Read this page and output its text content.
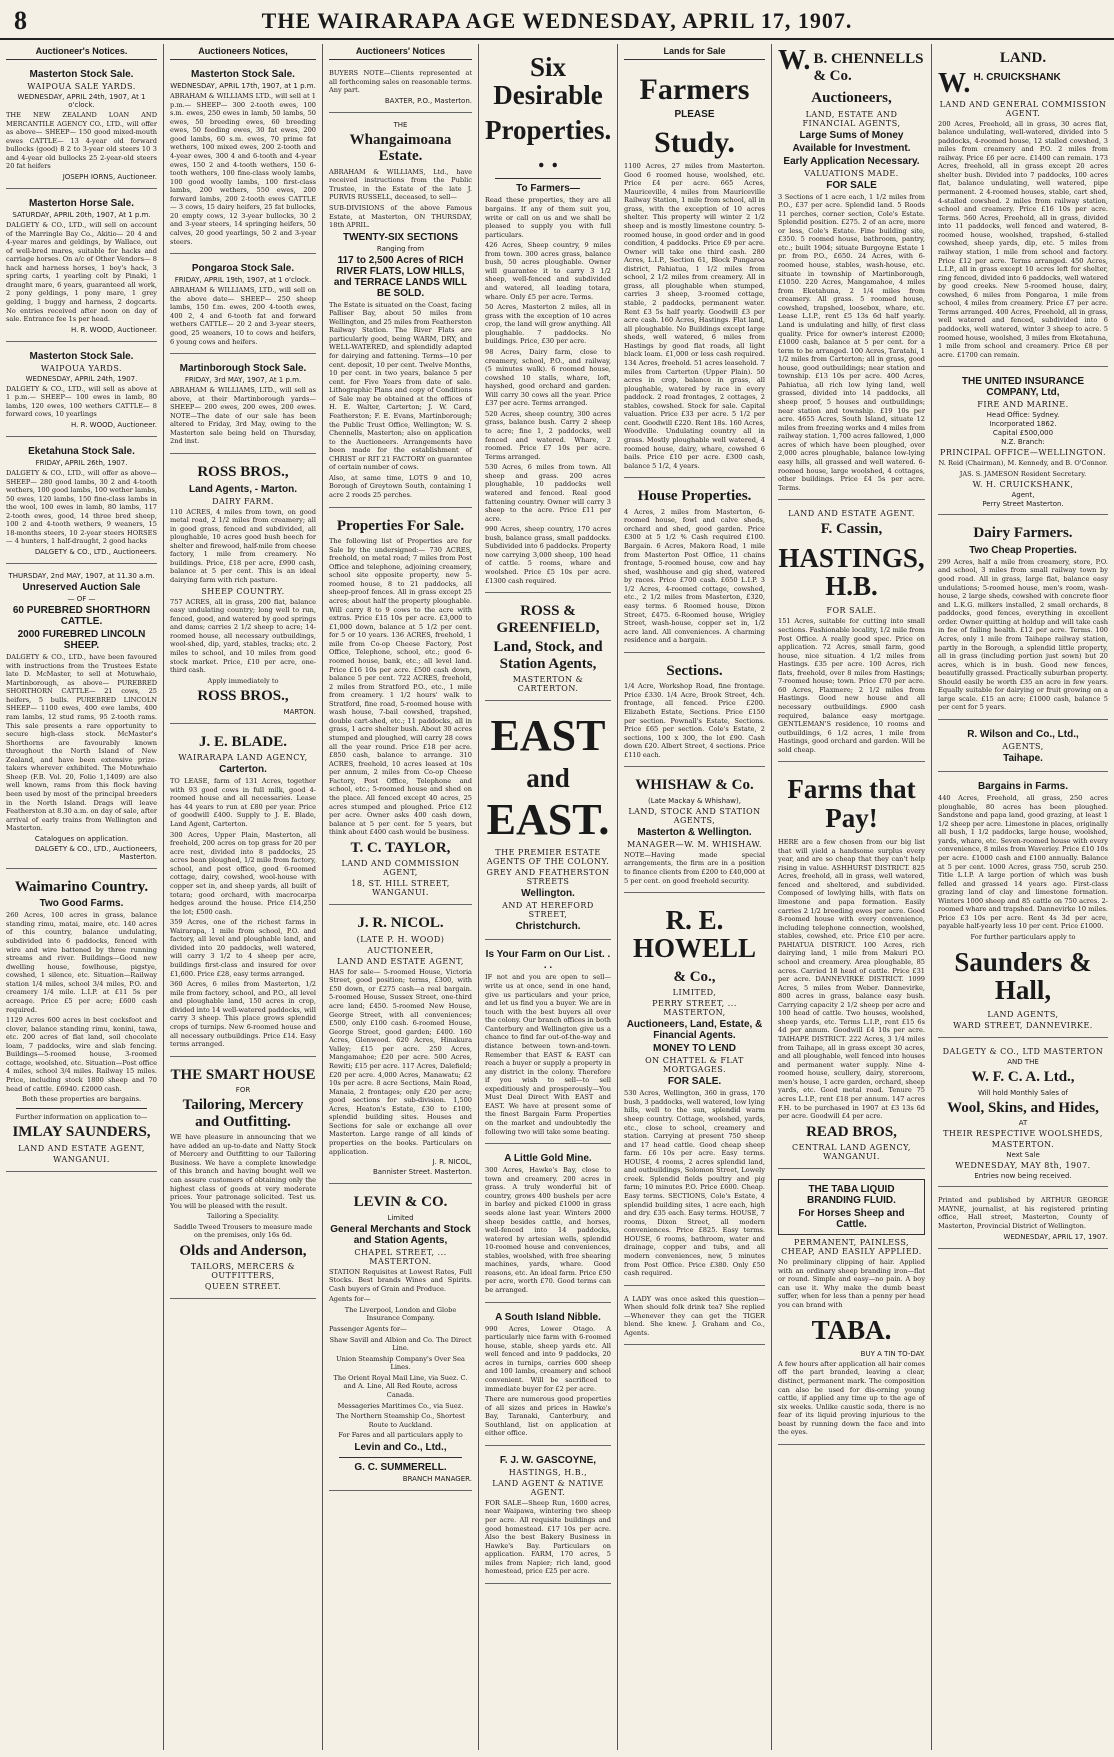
8	THE WAIRARAPA AGE WEDNESDAY, APRIL 17, 1907.
Auctioneer's Notices.
Masterton Stock Sale.
WAIPOUA SALE YARDS.
WEDNESDAY, APRIL 24th, 1907, At 1 o'clock.
THE NEW ZEALAND LOAN AND MERCANTILE AGENCY CO., LTD., will offer as above— SHEEP— 150 good mixed-mouth ewes CATTLE— 13 4-year old forward bullocks (good) 8 2 to 3-year old steers 10 3 and 4-year old bullocks 25 2-year-old steers 20 fat heifers
JOSEPH IORNS, Auctioneer.
Masterton Horse Sale.
SATURDAY, APRIL 20th, 1907, At 1 p.m.
DALGETY & CO., LTD., will sell on account of the Marringle Bay Co., Akitio— 20 4 and 4-year mares and geldings, by Wallace, out of well-bred mares, suitable for hacks and carriage horses. On a/c of Other Vendors— 8 hack and harness horses, 1 boy's hack, 3 spring carts, 1 yearling colt by Pinaki, 1 draught mare, 6 years, guaranteed all work, 2 pony geldings, 1 pony mare, 1 grey gelding, 1 buggy and harness, 2 dogcarts. No entries received after noon on day of sale. Entrance fee 1s per head.
H. R. WOOD, Auctioneer.
Masterton Stock Sale.
WAIPOUA YARDS.
WEDNESDAY, APRIL 24th, 1907.
DALGETY & CO., LTD., will sell as above at 1 p.m.— SHEEP— 100 ewes in lamb, 80 lambs, 120 ewes, 100 wethers CATTLE— 8 forward cows, 10 yearlings
H. R. WOOD, Auctioneer.
Eketahuna Stock Sale.
FRIDAY, APRIL 26th, 1907.
DALGETY & CO., LTD., will offer as above— SHEEP— 280 good lambs, 30 2 and 4-tooth wethers, 100 good lambs, 100 wether lambs, 50 ewes, 120 lambs, 150 fine-class lambs in the wool, 100 ewes in lamb, 80 lambs, 117 2-tooth ewes, good, 14 three bred sheep, 100 2 and 4-tooth wethers, 9 weaners, 15 18-months steers, 10 2-year steers HORSES— 4 hunters, 1 half-draught, 2 good hacks
DALGETY & CO., LTD., Auctioneers.
THURSDAY, 2nd MAY, 1907, at 11.30 a.m.
Unreserved Auction Sale
— OF —
60 PUREBRED SHORTHORN CATTLE.
2000 FUREBRED LINCOLN SHEEP.
DALGETY & CO., LTD., have been favoured with instructions from the Trustees Estate late D. McMaster, to sell at Motuwhaio, Martinborough, as above— PUREBRED SHORTHORN CATTLE— 21 cows, 25 heifers, 5 bulls. PUREBRED LINCOLN SHEEP— 1100 ewes, 400 ewe lambs, 400 ram lambs, 12 stud rams, 95 2-tooth rams. This sale presents a rare opportunity to secure high-class stock. McMaster's Shorthorns are favourably known throughout the North Island of New Zealand, and have been extensive prize-takers wherever exhibited. The Motuwhaio Sheep (F.B. Vol. 20, Folio 1,1409) are also well known, rams from this flock having been used by most of the principal breeders in the North Island. Drags will leave Featherston at 8.30 a.m. on day of sale, after arrival of early trains from Wellington and Masterton.
Catalogues on application.
DALGETY & CO., LTD., Auctioneers, Masterton.
Waimarino Country.
Two Good Farms.
260 Acres, 100 acres in grass, balance standing rimu, matai, maire, etc. 140 acres of this country, balance undulating, subdivided into 6 paddocks, fenced with wire and wire battened by three running streams and river. Buildings—Good new dwelling house, fowlhouse, pigstye, cowshed, 1 silence, etc. Situation—Railway station 1/4 miles, school 3/4 miles, P.O. and creamery 1/4 mile. L.I.P. at £11 5s per acreage. Price £5 per acre; £600 cash required.
1129 Acres 600 acres in best cocksfoot and clover, balance standing rimu, konini, tawa, etc. 200 acres of flat land, soil chocolate loam, 7 paddocks, wire and slab fencing. Buildings—5-roomed house, 3-roomed cottage, woolshed, etc. Situation—Post office 4 miles, school 3/4 miles. Railway 15 miles. Price, including stock 1800 sheep and 70 head of cattle. £6940. £2000 cash.
Both these properties are bargains.
Further information on application to—
IMLAY SAUNDERS,
LAND AND ESTATE AGENT,
WANGANUI.
Auctioneers Notices,
Masterton Stock Sale.
WEDNESDAY, APRIL 17th, 1907, at 1 p.m.
ABRAHAM & WILLIAMS LTD., will sell at 1 p.m.— SHEEP— 300 2-tooth ewes, 100 s.m. ewes, 250 ewes in lamb, 50 lambs, 50 ewes, 50 breeding ewes, 60 breeding ewes, 50 feeding ewes, 30 fat ewes, 200 good lambs, 60 s.m. ewes, 70 prime fat wethers, 100 mixed ewes, 200 2-tooth and 4-year ewes, 300 4 and 6-tooth and 4-year ewes, 150 2 and 4-tooth wethers, 150 6-tooth wethers, 100 fine-class wooly lambs, 100 good woolly lambs, 100 first-class lambs, 200 wethers, 550 ewes, 200 forward lambs, 200 2-tooth ewes CATTLE— 3 cows, 15 dairy heifers, 25 fat bullocks, 20 empty cows, 12 3-year bullocks, 30 2 and 3-year steers, 14 springing heifers, 50 calves, 20 good yearlings, 50 2 and 3-year steers.
Pongaroa Stock Sale.
FRIDAY, APRIL 19th, 1907, at 1 o'clock.
ABRAHAM & WILLIAMS, LTD., will sell on the above date— SHEEP— 250 sheep lambs, 150 f.m. ewes, 200 4-tooth ewes, 400 2, 4 and 6-tooth fat and forward wethers CATTLE— 20 2 and 3-year steers, good, 25 weaners, 10 to cows and heifers, 6 young cows and heifers.
Martinborough Stock Sale.
FRIDAY, 3rd MAY, 1907, At 1 p.m.
ABRAHAM & WILLIAMS, LTD., will sell as above, at their Martinborough yards— SHEEP— 200 ewes, 200 ewes, 200 ewes. NOTE—The date of our sale has been altered to Friday, 3rd May, owing to the Masterton sale being held on Thursday, 2nd inst.
ROSS BROS.,
Land Agents, - Marton.
DAIRY FARM.
110 ACRES, 4 miles from town, on good metal road, 2 1/2 miles from creamery; all in good grass, fenced and subdivided, all ploughable, 10 acres good bush beech for shelter and firewood, half-mile from cheese factory, 1 mile from creamery. No buildings. Price, £18 per acre, £990 cash, balance at 5 per cent. This is an ideal dairying farm with rich pasture.
SHEEP COUNTRY.
757 ACRES, all in grass, 200 flat, balance easy undulating country; long well to run, fenced, good, and watered by good springs and dams; carries 2 1/2 sheep to acre; 14-roomed house, all necessary outbuildings, wool-shed, dip, yard, stables, tracks; etc. 2 miles to school, and 10 miles from good stock market. Price, £10 per acre, one-third cash.
Apply immediately to
ROSS BROS.,
MARTON.
J. E. BLADE.
WAIRARAPA LAND AGENCY,
Carterton.
TO LEASE, farm of 131 Acres, together with 93 good cows in full milk, good 4-roomed house and all necessaries. Lease has 44 years to run at £80 per year. Price of goodwill £400. Supply to J. E. Blade, Land Agent, Carterton.
300 Acres, Upper Plain, Masterton, all freehold, 200 acres on top grass for 20 per acre rest, divided into 8 paddocks, 25 acres bean ploughed, 1/2 mile from factory, school, and post office, good 6-roomed cottage, dairy, cowshed, wool-house with copper set in, and sheep yards, all built of totara; good orchard, with macrocarpa hedges around the house. Price £14,250 the lot; £500 cash.
359 Acres, one of the richest farms in Wairarapa, 1 mile from school, P.O. and factory, all level and ploughable land, and divided into 20 paddocks, well watered, will carry 3 1/2 to 4 sheep per acre, buildings first-class and insured for over £1,600. Price £28, easy terms arranged.
360 Acres, 6 miles from Masterton, 1/2 mile from factory, school, and P.O., all level and ploughable land, 150 acres in crop, divided into 14 well-watered paddocks, will carry 3 sheep. This place grows splendid crops of turnips. New 6-roomed house and all necessary outbuildings. Price £14. Easy terms arranged.
THE SMART HOUSE
FOR
Tailoring, Mercery and Outfitting.
WE have pleasure in announcing that we have added an up-to-date and Natty Stock of Mercery and Outfitting to our Tailoring Business. We have a complete knowledge of this branch and having bought well we can assure customers of obtaining only the highest class of goods at very moderate prices. Your patronage solicited. Test us. You will be pleased with the result.
Tailoring a Speciality.
Saddle Tweed Trousers to measure made on the premises, only 16s 6d.
Olds and Anderson,
TAILORS, MERCERS & OUTFITTERS,
QUEEN STREET.
Auctioneers' Notices
BUYERS NOTE—Clients represented at all forthcoming sales on reasonable terms. Any part.
BAXTER, P.O., Masterton.
THE
Whangaimoana Estate.
ABRAHAM & WILLIAMS, Ltd., have received instructions from the Public Trustee, in the Estate of the late J. PURVIS RUSSELL, deceased, to sell—
SUB-DIVISIONS of the above Famous Estate, at Masterton, ON THURSDAY, 18th APRIL.
TWENTY-SIX SECTIONS
Ranging from
117 to 2,500 Acres of RICH RIVER FLATS, LOW HILLS, and TERRACE LANDS WILL BE SOLD.
The Estate is situated on the Coast, facing Palliser Bay, about 50 miles from Wellington, and 25 miles from Featherston Railway Station. The River Flats are particularly good, being WARM, DRY, and WELL-WATERED, and splendidly adapted for dairying and fattening. Terms—10 per cent. deposit, 10 per cent. Twelve Months, 10 per cent. in two years, balance 5 per cent. for Five Years from date of sale. Lithographic Plans and copy of Conditions of Sale may be obtained at the offices of H. E. Walter, Carterton; J. W. Card, Featherston; F. E. Evans, Martinborough; the Public Trust Office, Wellington; W. S. Chennells, Masterton; also on application to the Auctioneers. Arrangements have been made for the establishment of CHRIST or RIT 21 FACTORY on guarantee of certain number of cows.
Also, at same time, LOTS 9 and 10, Borough of Greytown South, containing 1 acre 2 roods 25 perches.
Properties For Sale.
The following list of Properties are for Sale by the undersigned:— 730 ACRES, freehold, on metal road; 7 miles from Post Office and telephone, adjoining creamery, school site opposite property, new 5-roomed house, 8 to 21 paddocks, all sheep-proof fences. All in grass except 25 acres; about half the property ploughable. Will carry 8 to 9 cows to the acre with extras. Price £15 10s per acre. £3,000 to £1,000 down, balance at 5 1/2 per cent. for 5 or 10 years. 136 ACRES, freehold, 1 mile from Co-op Cheese Factory, Post Office, Telephone, school, etc.; good 6-roomed house, bank, etc.; all level land. Price £16 10s per acre. £500 cash down, balance 5 per cent. 722 ACRES, freehold, 2 miles from Stratford P.O., etc., 1 mile from creamery. 1 1/2 hours' walk to Stratford, fine road, 5-roomed house with wash house, 7-bail cowshed, trapshed, double cart-shed, etc.; 11 paddocks, all in grass, 1 acre shelter bush. About 30 acres stumped and ploughed, will carry 28 cows all the year round. Price £18 per acre. £850 cash, balance to arrange. 310 ACRES, freehold, 10 acres leased at 10s per annum, 2 miles from Co-op Cheese Factory, Post Office, Telephone and school, etc.; 5-roomed house and shed on the place. All fenced except 40 acres, 25 acres stumped and ploughed. Price £12 per acre. Owner asks 400 cash down, balance at 5 per cent. for 5 years, but think about £400 cash would be business.
T. C. TAYLOR,
LAND AND COMMISSION AGENT,
18, ST. HILL STREET, WANGANUI.
J. R. NICOL.
(LATE P. H. WOOD)
AUCTIONEER,
LAND AND ESTATE AGENT,
HAS for sale— 5-roomed House, Victoria Street, good position; terms, £300, with £50 down, or £275 cash—a real bargain. 5-roomed House, Sussex Street, one-third acre land; £450. 5-roomed New House, George Street, with all conveniences; £500, only £100 cash. 6-roomed House, George Street, good garden; £400. 160 Acres, Glenwood. 620 Acres, Hinakura Valley; £15 per acre. 250 Acres, Mangamahoe; £20 per acre. 500 Acres, Rewiti; £15 per acre. 117 Acres, Dalefield; £20 per acre. 4,000 Acres, Manawatu; £2 10s per acre. 8 acre Sections, Main Road, Manaia, 2 frontages; only £20 per acre; good sections for sub-division. 1,500 Acres, Heaton's Estate, £30 to £100; splendid building sites. Houses and Sections for sale or exchange all over Masterton. Large range of all kinds of properties on the books. Particulars on application.
J. R. NICOL,
Bannister Street. Masterton.
LEVIN & CO.
Limited
General Merchants and Stock and Station Agents,
CHAPEL STREET, ... MASTERTON.
STATION Requisites at Lowest Rates, Full Stocks. Best brands Wines and Spirits. Cash buyers of Grain and Produce.
Agents for—
The Liverpool, London and Globe Insurance Company.
Passenger Agents for—
Shaw Savill and Albion and Co. The Direct Line.
Union Steamship Company's Over Sea Lines.
The Orient Royal Mail Line, via Suez. C. and A. Line, All Red Route, across Canada.
Messageries Maritimes Co., via Suez.
The Northern Steamship Co., Shortest Route to Auckland.
For Fares and all particulars apply to
Levin and Co., Ltd.,
G. C. SUMMERELL.
BRANCH MANAGER.
Six Desirable
Properties. . .
To Farmers—
Read these properties, they are all bargains. If any of them suit you, write or call on us and we shall be pleased to supply you with full particulars.
426 Acres, Sheep country, 9 miles from town. 300 acres grass, balance bush, 50 acres ploughable. Owner will guarantee it to carry 3 1/2 sheep, well-fenced and subdivided and watered, all leading totara, whare. Only £5 per acre. Terms.
50 Acres, Masterton 2 miles, all in grass with the exception of 10 acres crop, the land will grow anything. All ploughable. 7 paddocks. No buildings. Price, £30 per acre.
98 Acres, Dairy farm, close to creamery, school, P.O., and railway, (5 minutes walk). 6 roomed house, cowshed 10 stalls, whare, loft, hayshed, good orchard and garden. Will carry 30 cows all the year. Price £37 per acre. Terms arranged.
520 Acres, sheep country, 300 acres grass, balance bush. Carry 2 sheep to acre; fine 1, 2 paddocks, well fenced and watered. Whare, 2 roomed. Price £7 10s per acre. Terms arranged.
530 Acres, 6 miles from town. All sheep and grass. 200 acres ploughable, 10 paddocks well watered and fenced. Real good fattening country. Owner will carry 3 sheep to the acre. Price £11 per acre.
990 Acres, sheep country, 170 acres bush, balance grass, small paddocks. Subdivided into 6 paddocks. Property now carrying 3,000 sheep, 100 head of cattle. 5 rooms, whare and woolshed. Price £5 10s per acre. £1300 cash required.
ROSS & GREENFIELD,
Land, Stock, and Station Agents,
MASTERTON & CARTERTON.
EAST
and
EAST.
THE PREMIER ESTATE AGENTS OF THE COLONY.
GREY AND FEATHERSTON STREETS
Wellington.
AND AT HEREFORD STREET,
Christchurch.
Is Your Farm on Our List. . . .
IF not and you are open to sell—write us at once, send in one hand, give us particulars and your price, and let us find you a buyer. We are in touch with the best buyers all over the colony. Our branch offices in both Canterbury and Wellington give us a chance to find far out-of-the-way and distance between town-and-town. Remember that EAST & EAST can reach a buyer or supply a property in any district in the colony. Therefore if you wish to sell—to sell expeditiously and prosperously—You Must Deal Direct With EAST and EAST. We have at present some of the finest Bargain Farm Properties on the market and undoubtedly the following two will take some beating.
A Little Gold Mine.
300 Acres, Hawke's Bay, close to town and creamery. 200 acres in grass. A truly wonderful bit of country, grows 400 bushels per acre in barley and picked £1000 in grass seeds alone last year. Winters 2000 sheep besides cattle, and horses, well-fenced into 14 paddocks, watered by artesian wells, splendid 10-roomed house and conveniences, stables, woolshed, with free shearing machines, yards, whare. Good reasons, etc. An ideal farm. Price £50 per acre, worth £70. Good terms can be arranged.
A South Island Nibble.
990 Acres, Lower Otago. A particularly nice farm with 6-roomed house, stable, sheep yards etc. All well fenced and into 9 paddocks, 20 acres in turnips, carries 600 sheep and 100 lambs, creamery and school convenient. Will be sacrificed to immediate buyer for £2 per acre.
There are numerous good properties of all sizes and prices in Hawke's Bay, Taranaki, Canterbury, and Southland, list on application at either office.
F. J. W. GASCOYNE,
HASTINGS, H.B.,
LAND AGENT & NATIVE AGENT.
FOR SALE—Sheep Run, 1600 acres, near Waipawa, wintering two sheep per acre. All requisite buildings and good homestead. £17 10s per acre. Also the best Bakery Business in Hawke's Bay. Particulars on application. FARM, 170 acres, 5 miles from Napier; rich land, good homestead, price £25 per acre.
Lands for Sale
Farmers
PLEASE
Study.
1100 Acres, 27 miles from Masterton. Good 6 roomed house, woolshed, etc. Price £4 per acre. 665 Acres, Mauriceville, 4 miles from Mauriceville Railway Station, 1 mile from school, all in grass, with the exception of 10 acres shelter. This property will winter 2 1/2 sheep and is mostly limestone country. 5-roomed house, in good order and in good condition, 4 paddocks. Price £9 per acre. Owner will take one third cash. 280 Acres, L.I.P., Section 61, Block Pungaroa district, Pahiatua, 1 1/2 miles from school, 2 1/2 miles from creamery. All in grass, all ploughable when stumped, carries 3 sheep, 3-roomed cottage, stable, 2 paddocks, permanent water. Rent £3 5s half yearly. Goodwill £3 per acre cash. 160 Acres, Hastings. Flat land, all ploughable. No Buildings except large sheds, well watered, 6 miles from Hastings by good flat roads, all light black loam. £1,000 or less cash required. 134 Acres, freehold. 51 acres leasehold. 7 miles from Carterton (Upper Plain). 50 acres in crop, balance in grass, all ploughable, watered by race in every paddock. 2 road frontages, 2 cottages, 2 stables, cowshed. Stock for sale. Capital valuation. Price £33 per acre. 5 1/2 per cent. Goodwill £220. Rent 18s. 160 Acres, Woodville. Undulating country all in grass. Mostly ploughable well watered, 4 roomed house, dairy, whare, cowshed 6 bails. Price £10 per acre. £300 cash, balance 5 1/2, 4 years.
House Properties.
4 Acres, 2 miles from Masterton, 6-roomed house, fowl and calve sheds, orchard and shed, good garden. Price £300 at 5 1/2 % Cash required £100. Bargain. 6 Acres, Makora Road, 1 mile from Masterton Post Office, 11 chains frontage, 5-roomed house, cow and hay shed, washhouse and gig shed, watered by races. Price £700 cash. £650 L.I.P. 3 1/2 Acres, 4-roomed cottage, cowshed, etc., 2 1/2 miles from Masterton, £320, easy terms. 6 Roomed house, Dixon Street, £475. 6-Roomed house, Wrigley Street, wash-house, copper set in, 1/2 acre land. All conveniences. A charming residence and a bargain.
Sections.
1/4 Acre, Workshop Road, fine frontage. Price £330. 1/4 Acre, Brook Street, 4ch. frontage, all fenced. Price £200. Elizabeth Estate, Sections. Price £150 per section. Pownall's Estate, Sections. Price £65 per section. Cole's Estate, 2 sections, 100 x 300, the lot £90. Cash down £20. Albert Street, 4 sections. Price £110 each.
WHISHAW & Co.
(Late Mackay & Whishaw),
LAND, STOCK AND STATION AGENTS,
Masterton & Wellington.
MANAGER—W. M. WHISHAW.
NOTE—Having made special arrangements, the firm are in a position to finance clients from £200 to £40,000 at 5 per cent. on good freehold security.
R. E. HOWELL
& Co.,
LIMITED,
PERRY STREET, ... MASTERTON,
Auctioneers, Land, Estate, & Financial Agents.
MONEY TO LEND
ON CHATTEL & FLAT MORTGAGES.
FOR SALE.
530 Acres, Wellington, 360 in grass, 170 bush, 3 paddocks, well watered, low lying hills, well to the sun, splendid warm sheep country. Cottage, woolshed, yards, etc., close to school, creamery and station. Carrying at present 750 sheep and 17 head cattle. Good cheap sheep farm. £6 10s per acre. Easy terms. HOUSE, 4 rooms, 2 acres splendid land, and outbuildings, Solomon Street, Lowely creek. Splendid fields poultry and pig farm; 10 minutes P.O. Price £600. Cheap. Easy terms. SECTIONS, Cole's Estate, 4 splendid building sites, 1 acre each, high and dry. £35 each. Easy terms. HOUSE, 7 rooms, Dixon Street, all modern conveniences. Price £825. Easy terms. HOUSE, 6 rooms, bathroom, water and drainage, copper and tubs, and all modern conveniences, new, 5 minutes from Post Office. Price £380. Only £50 cash required.
A LADY was once asked this question—When should folk drink tea? She replied—Whenever they can get the TIGER blend. She knew. J. Graham and Co., Agents.
W. B. CHENNELLS & Co.
Auctioneers,
LAND, ESTATE AND FINANCIAL AGENTS,
Large Sums of Money
Available for Investment.
Early Application Necessary.
VALUATIONS MADE.
FOR SALE
3 Sections of 1 acre each, 1 1/2 miles from P.O., £37 per acre. Splendid land. 5 Roods 11 perches, corner section, Cole's Estate. Splendid position. £275. 2 of an acre, more or less, Cole's Estate. Fine building site, £350. 5 roomed house, bathroom, pantry, etc.; built 1904; situate Burgoyne Estate 1 pr. from P.O., £650. 24 Acres, with 6-roomed house, stables, wash-house, etc. situate in township of Martinborough, £1050. 220 Acres, Mangamahoe, 4 miles from Eketahuna, 2 1/4 miles from creamery. All grass. 5 roomed house, cowshed, trapshed, loosebox, whare, etc. Lease L.I.P., rent £5 13s 6d half yearly. Land is undulating and hilly, of first class quality. Price for owner's interest £2000; £1000 cash, balance at 5 per cent. for a term to be arranged. 100 Acres, Taratahi, 1 1/2 miles from Carterton; all in grass, good house, good outbuildings; near station and township. £13 10s per acre. 400 Acres, Pahiatua, all rich low lying land, well grassed, divided into 14 paddocks, all sheep proof, 5 houses and outbuildings; near station and township. £19 10s per acre. 4655 Acres, South Island, situate 12 miles from freezing works and 4 miles from railway station. 1,700 acres fallowed, 1,000 acres of which have been ploughed, over 2,000 acres ploughable, balance low-lying easy hills, all grassed and well watered. 6-roomed house, large woolshed, 4 cottages, other buildings. Price £4 5s per acre. Terms.
LAND AND ESTATE AGENT.
F. Cassin,
HASTINGS, H.B.
FOR SALE.
151 Acres, suitable for cutting into small sections. Fashionable locality, 1/2 mile from Post Office. A really good spec. Price on application. 72 Acres, small farm, good house, nice situation. 4 1/2 miles from Hastings. £35 per acre. 100 Acres, rich flats, freehold, over 8 miles from Hastings; 7-roomed house; town. Price £70 per acre. 60 Acres, Flaxmere; 2 1/2 miles from Hastings. Good new house and all necessary outbuildings. £900 cash required, balance easy mortgage. GENTLEMAN'S residence, 10 rooms and outbuildings, 6 1/2 acres, 1 mile from Hastings, good orchard and garden. Will be sold cheap.
Farms that Pay!
HERE are a few chosen from our big list that will yield a handsome surplus every year, and are so cheap that they can't help rising in value. ASHHURST DISTRICT. 825 Acres, freehold, all in grass, well watered, fenced and sheltered, and subdivided. Composed of lowlying hills, with flats on limestone and papa formation. Easily carries 2 1/2 breeding ewes per acre. Good 8-roomed house with every convenience, including telephone connection, woolshed, stables, cowshed, etc. Price £10 per acre. PAHIATUA DISTRICT. 100 Acres, rich dairying land, 1 mile from Makuri P.O. school and creamery. Area ploughable, 85 acres. Carried 18 head of cattle. Price £31 per acre. DANNEVIRKE DISTRICT. 1099 Acres, 5 miles from Weber. Dannevirke, 800 acres in grass, balance easy bush. Carrying capacity 2 1/2 sheep per acre and 100 head of cattle. Two houses, woolshed, sheep yards, etc. Terms L.I.P., rent £15 6s 4d per annum. Goodwill £4 10s per acre. TAIHAPE DISTRICT. 222 Acres, 3 1/4 miles from Taihape, all in grass except 30 acres, and all ploughable, well fenced into houses and permanent water supply. Nine 4-roomed house, scullery, dairy, storeroom, men's house, 1 acre garden, orchard, sheep yards, etc. Good metal road. Tenure 75 acres L.I.P., rent £18 per annum. 147 acres F.H. to be purchased in 1907 at £3 13s 6d per acre. Goodwill £4 per acre.
READ BROS,
CENTRAL LAND AGENCY, WANGANUI.
THE TABA LIQUID BRANDING FLUID.
For Horses Sheep and Cattle.
PERMANENT, PAINLESS, CHEAP, AND EASILY APPLIED.
No preliminary clipping of hair. Applied with an ordinary sheep branding iron—flat or round. Simple and easy—no pain. A boy can use it. Why make the dumb beast suffer, when for less than a penny per head you can brand with
TABA.
BUY A TIN TO-DAY.
A few hours after application all hair comes off the part branded, leaving a clear, distinct, permanent mark. The composition can also be used for dis-orning young cattle, if applied any time up to the age of six weeks. Unlike caustic soda, there is no fear of its liquid proving injurious to the beast by running down the face and into the eyes.
LAND.
W. H. CRUICKSHANK
LAND AND GENERAL COMMISSION AGENT.
200 Acres, Freehold, all in grass, 30 acres flat, balance undulating, well-watered, divided into 5 paddocks, 4-roomed house, 12 stalled cowshed, 3 miles from creamery and P.O. 2 miles from railway. Price £6 per acre. £1400 can remain. 173 Acres, freehold, all in grass except 20 acres shelter bush. Divided into 7 paddocks, 100 acres flat, balance undulating, well watered, pipe permanent. 2 4-roomed houses, stable, cart shed, 4-stalled cowshed. 2 miles from railway station, school and creamery. Price £16 10s per acre. Terms. 560 Acres, Freehold, all in grass, divided into 11 paddocks, well fenced and watered, 8-roomed house, woolshed, trapshed, 6-stalled cowshed, sheep yards, dip, etc. 5 miles from railway station, 1 mile from school and factory. Price £12 per acre. Terms arranged. 450 Acres, L.I.P., all in grass except 10 acres left for shelter, ring fenced, divided into 6 paddocks, well watered by good creeks. New 5-roomed house, dairy, cowshed, 6 miles from Pongaroa, 1 mile from school, 4 miles from creamery. Price £7 per acre. Terms arranged. 400 Acres, Freehold, all in grass, well watered and fenced, subdivided into 6 paddocks, well watered, winter 3 sheep to acre. 5 roomed house, woolshed, 3 miles from Eketahuna, 1 mile from school and creamery. Price £8 per acre. £1700 can remain.
THE UNITED INSURANCE COMPANY, Ltd,
FIRE AND MARINE.
Head Office: Sydney.
Incorporated 1862.
Capital £500,000
N.Z. Branch:
PRINCIPAL OFFICE—WELLINGTON.
N. Reid (Chairman), M. Kennedy, and B. O'Connor.
JAS. S. JAMESON Resident Secretary.
W. H. CRUICKSHANK,
Agent,
Perry Street Masterton.
Dairy Farmers.
Two Cheap Properties.
299 Acres, half a mile from creamery, store, P.O. and school, 3 miles from small railway town by good road. All in grass, large flat, balance easy undulations; 5-roomed house, men's room, wash-house, 2 large sheds, cowshed with concrete floor and L.K.G. milkers installed, 2 small orchards, 8 paddocks, good fences, everything in excellent order. Owner quitting at holdup and will take cash in fee of failing health. £12 per acre. Terms. 100 Acres, only 1 mile from Taihape railway station, partly in the Borough, a splendid little property, all in grass (including portion just sown) but 20 acres, which is in bush. Good new fences, beautifully grassed. Practically suburban property. Should easily be worth £35 an acre in few years. Equally suitable for dairying or fruit growing on a large scale. £15 an acre; £1000 cash, balance 5 per cent for 5 years.
R. Wilson and Co., Ltd.,
AGENTS,
Taihape.
Bargains in Farms.
440 Acres, Freehold, all grass, 250 acres ploughable, 80 acres has been ploughed. Sandstone and papa land, good grazing, at least 1 1/2 sheep per acre. Limestone in places, originally all bush, 1 1/2 paddocks, large house, woolshed, yards, whare, etc. Seven-roomed house with every convenience, 8 miles from Waverley. Price £10 10s per acre. £1000 cash and £100 annually. Balance at 5 per cent. 1000 Acres, grass 750, scrub 250. Title L.I.P. A large portion of which was bush felled and grassed 14 years ago. First-class grazing land of clay and limestone formation. Winters 1000 sheep and 85 cattle on 750 acres. 2-roomed whare and trapshed. Dannevirke 10 miles. Price £3 10s per acre. Rent 4s 3d per acre, payable half-yearly less 10 per cent. Price £1000.
For further particulars apply to
Saunders & Hall,
LAND AGENTS,
WARD STREET, DANNEVIRKE.
DALGETY & CO., LTD MASTERTON
AND THE
W. F. C. A. Ltd.,
Will hold Monthly Sales of
Wool, Skins, and Hides,
AT
THEIR RESPECTIVE WOOLSHEDS,
MASTERTON.
Next Sale
WEDNESDAY, MAY 8th, 1907.
Entries now being received.
Printed and published by ARTHUR GEORGE MAYNE, journalist, at his registered printing office, Hall street, Masterton, County of Masterton, Provincial District of Wellington.
WEDNESDAY, APRIL 17, 1907.
